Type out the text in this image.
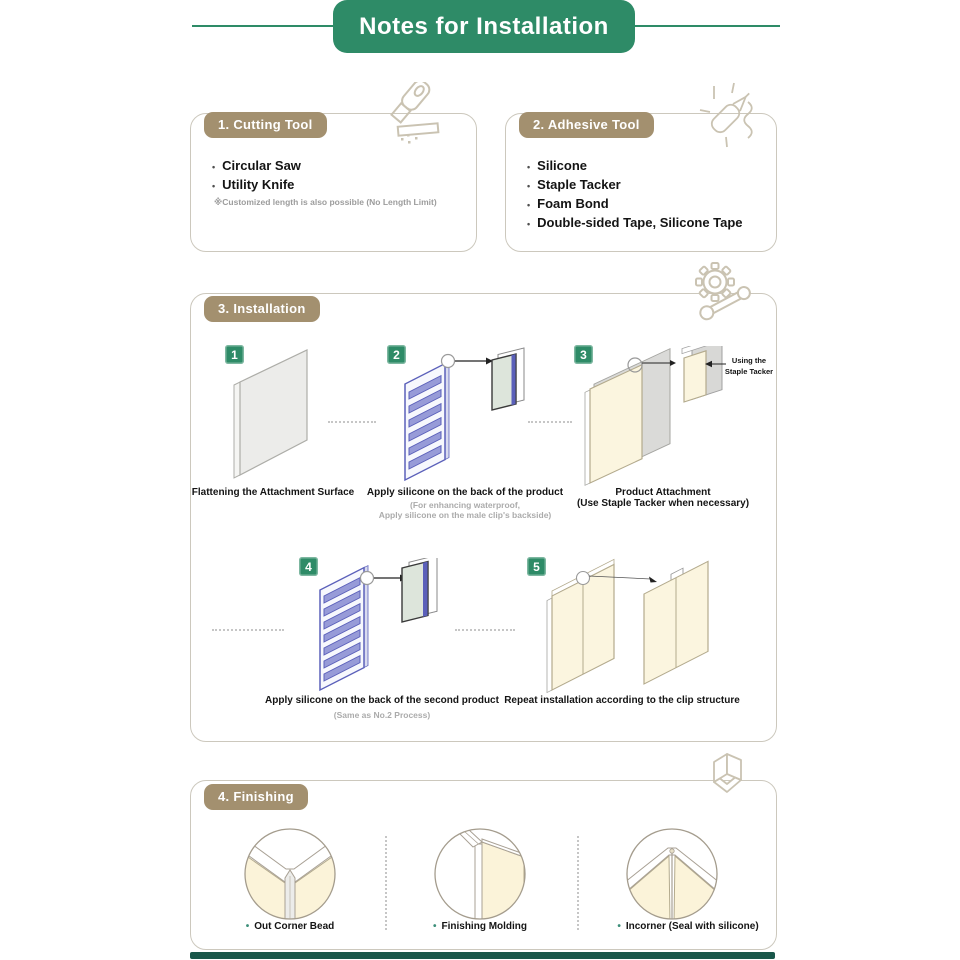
Notes for Installation
1. Cutting Tool
• Circular Saw
• Utility Knife
※Customized length is also possible (No Length Limit)
2. Adhesive Tool
• Silicone
• Staple Tacker
• Foam Bond
• Double-sided Tape, Silicone Tape
3. Installation
1	2	3
4	5
Using the
Staple Tacker
Flattening the Attachment Surface	Apply silicone on the back of the product
(For enhancing waterproof,
Apply silicone on the male clip's backside)
Product Attachment
(Use Staple Tacker when necessary)
Apply silicone on the back of the second product
(Same as No.2 Process)
Repeat installation according to the clip structure
4. Finishing
• Out Corner Bead	• Finishing Molding	• Incorner (Seal with silicone)
